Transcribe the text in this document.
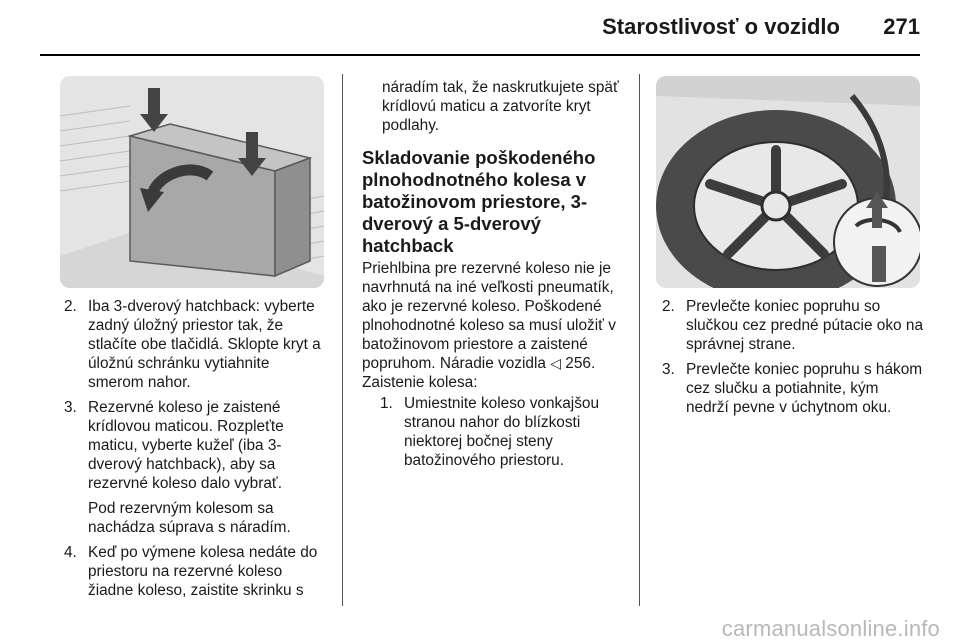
Starostlivosť o vozidlo	271
2. Iba 3-dverový hatchback: vyberte zadný úložný priestor tak, že stlačíte obe tlačidlá. Sklopte kryt a úložnú schránku vytiahnite smerom nahor.
3. Rezervné koleso je zaistené krídlovou maticou. Rozpleťte maticu, vyberte kužeľ (iba 3-dverový hatchback), aby sa rezervné koleso dalo vybrať.

Pod rezervným kolesom sa nachádza súprava s náradím.

4. Keď po výmene kolesa nedáte do priestoru na rezervné koleso žiadne koleso, zaistite skrinku s

náradím tak, že naskrutkujete späť krídlovú maticu a zatvoríte kryt podlahy.

Skladovanie poškodeného plnohodnotného kolesa v batožinovom priestore, 3-dverový a 5-dverový hatchback

Priehlbina pre rezervné koleso nie je navrhnutá na iné veľkosti pneumatík, ako je rezervné koleso. Poškodené plnohodnotné koleso sa musí uložiť v batožinovom priestore a zaistené popruhom. Náradie vozidla ◁ 256.

Zaistenie kolesa:

1. Umiestnite koleso vonkajšou stranou nahor do blízkosti niektorej bočnej steny batožinového priestoru.
2. Prevlečte koniec popruhu so slučkou cez predné pútacie oko na správnej strane.
3. Prevlečte koniec popruhu s hákom cez slučku a potiahnite, kým nedrží pevne v úchytnom oku.
carmanualsonline.info
